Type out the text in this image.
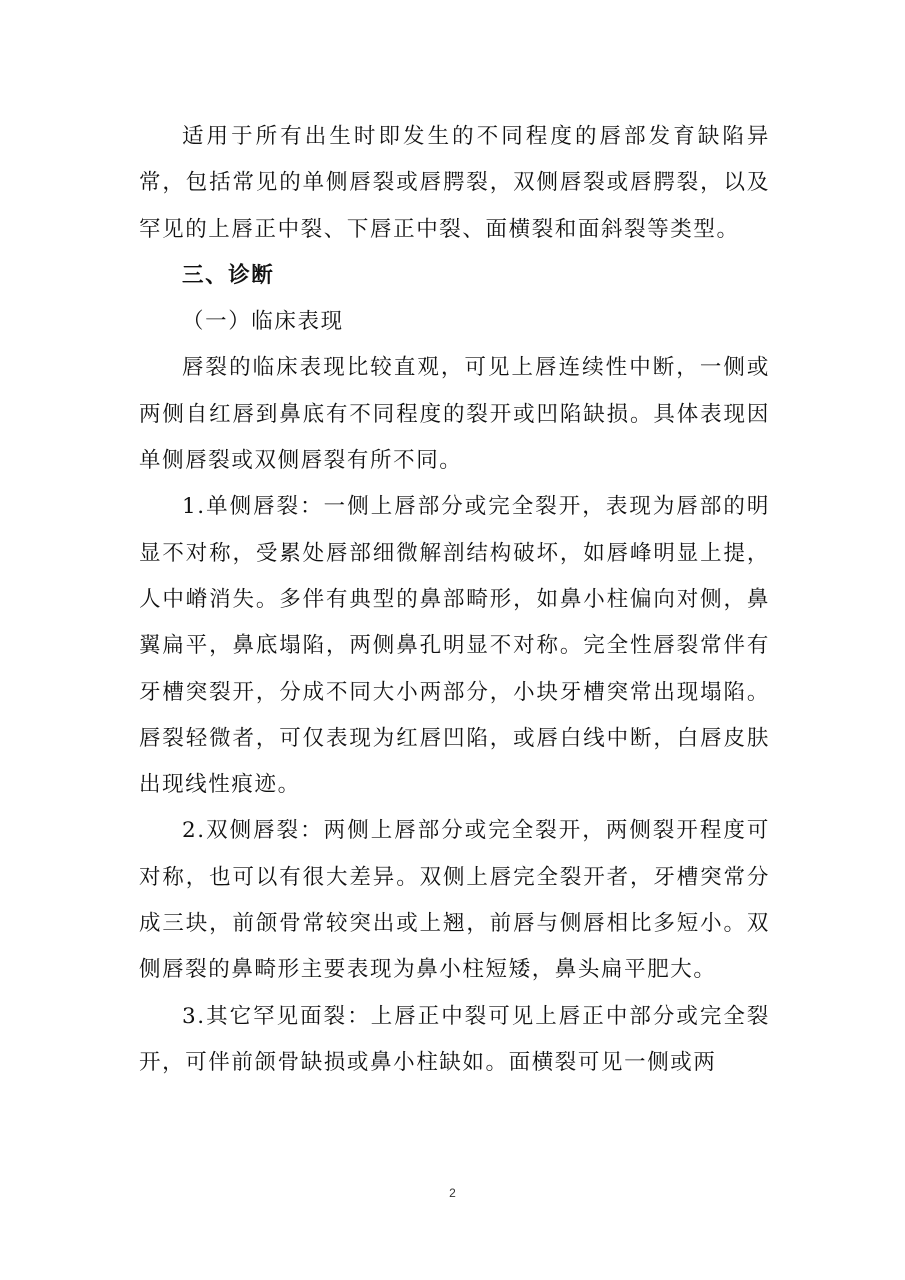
适用于所有出生时即发生的不同程度的唇部发育缺陷异常，包括常见的单侧唇裂或唇腭裂，双侧唇裂或唇腭裂，以及罕见的上唇正中裂、下唇正中裂、面横裂和面斜裂等类型。

三、诊断

（一）临床表现

唇裂的临床表现比较直观，可见上唇连续性中断，一侧或两侧自红唇到鼻底有不同程度的裂开或凹陷缺损。具体表现因单侧唇裂或双侧唇裂有所不同。

1.单侧唇裂：一侧上唇部分或完全裂开，表现为唇部的明显不对称，受累处唇部细微解剖结构破坏，如唇峰明显上提，人中嵴消失。多伴有典型的鼻部畸形，如鼻小柱偏向对侧，鼻翼扁平，鼻底塌陷，两侧鼻孔明显不对称。完全性唇裂常伴有牙槽突裂开，分成不同大小两部分，小块牙槽突常出现塌陷。唇裂轻微者，可仅表现为红唇凹陷，或唇白线中断，白唇皮肤出现线性痕迹。

2.双侧唇裂：两侧上唇部分或完全裂开，两侧裂开程度可对称，也可以有很大差异。双侧上唇完全裂开者，牙槽突常分成三块，前颌骨常较突出或上翘，前唇与侧唇相比多短小。双侧唇裂的鼻畸形主要表现为鼻小柱短矮，鼻头扁平肥大。

3.其它罕见面裂：上唇正中裂可见上唇正中部分或完全裂开，可伴前颌骨缺损或鼻小柱缺如。面横裂可见一侧或两

2
